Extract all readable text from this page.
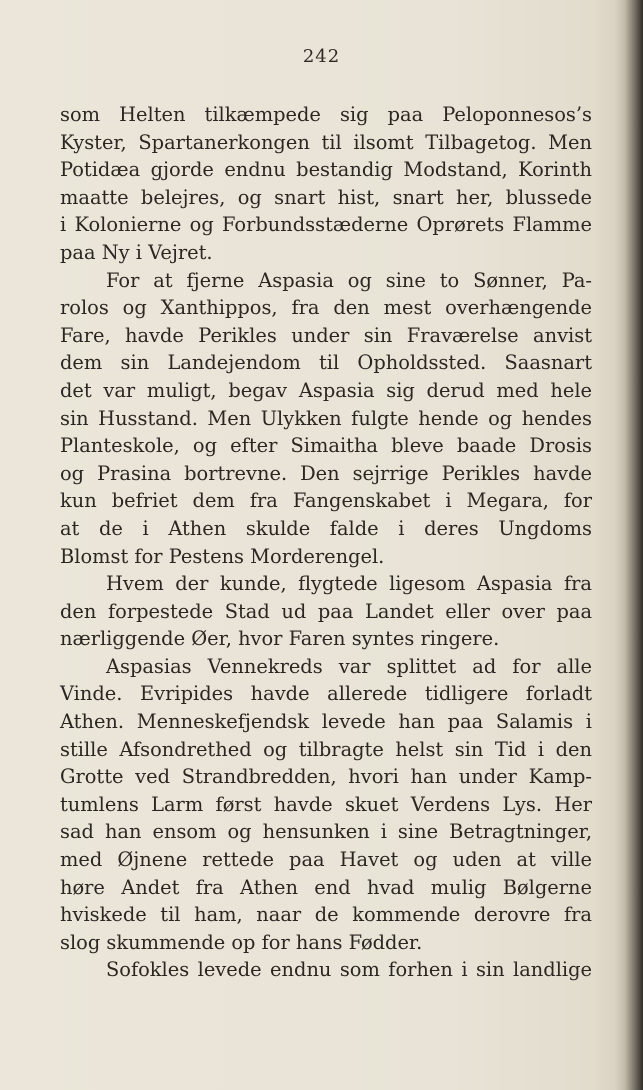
242
som Helten tilkæmpede sig paa Peloponnesos’s
Kyster, Spartanerkongen til ilsomt Tilbagetog. Men
Potidæa gjorde endnu bestandig Modstand, Korinth
maatte belejres, og snart hist, snart her, blussede
i Kolonierne og Forbundsstæderne Oprørets Flamme
paa Ny i Vejret.
For at fjerne Aspasia og sine to Sønner, Pa-
rolos og Xanthippos, fra den mest overhængende
Fare, havde Perikles under sin Fraværelse anvist
dem sin Landejendom til Opholdssted. Saasnart
det var muligt, begav Aspasia sig derud med hele
sin Husstand. Men Ulykken fulgte hende og hendes
Planteskole, og efter Simaitha bleve baade Drosis
og Prasina bortrevne. Den sejrrige Perikles havde
kun befriet dem fra Fangenskabet i Megara, for
at de i Athen skulde falde i deres Ungdoms
Blomst for Pestens Morderengel.
Hvem der kunde, flygtede ligesom Aspasia fra
den forpestede Stad ud paa Landet eller over paa
nærliggende Øer, hvor Faren syntes ringere.
Aspasias Vennekreds var splittet ad for alle
Vinde. Evripides havde allerede tidligere forladt
Athen. Menneskefjendsk levede han paa Salamis i
stille Afsondrethed og tilbragte helst sin Tid i den
Grotte ved Strandbredden, hvori han under Kamp-
tumlens Larm først havde skuet Verdens Lys. Her
sad han ensom og hensunken i sine Betragtninger,
med Øjnene rettede paa Havet og uden at ville
høre Andet fra Athen end hvad mulig Bølgerne
hviskede til ham, naar de kommende derovre fra
slog skummende op for hans Fødder.
Sofokles levede endnu som forhen i sin landlige
